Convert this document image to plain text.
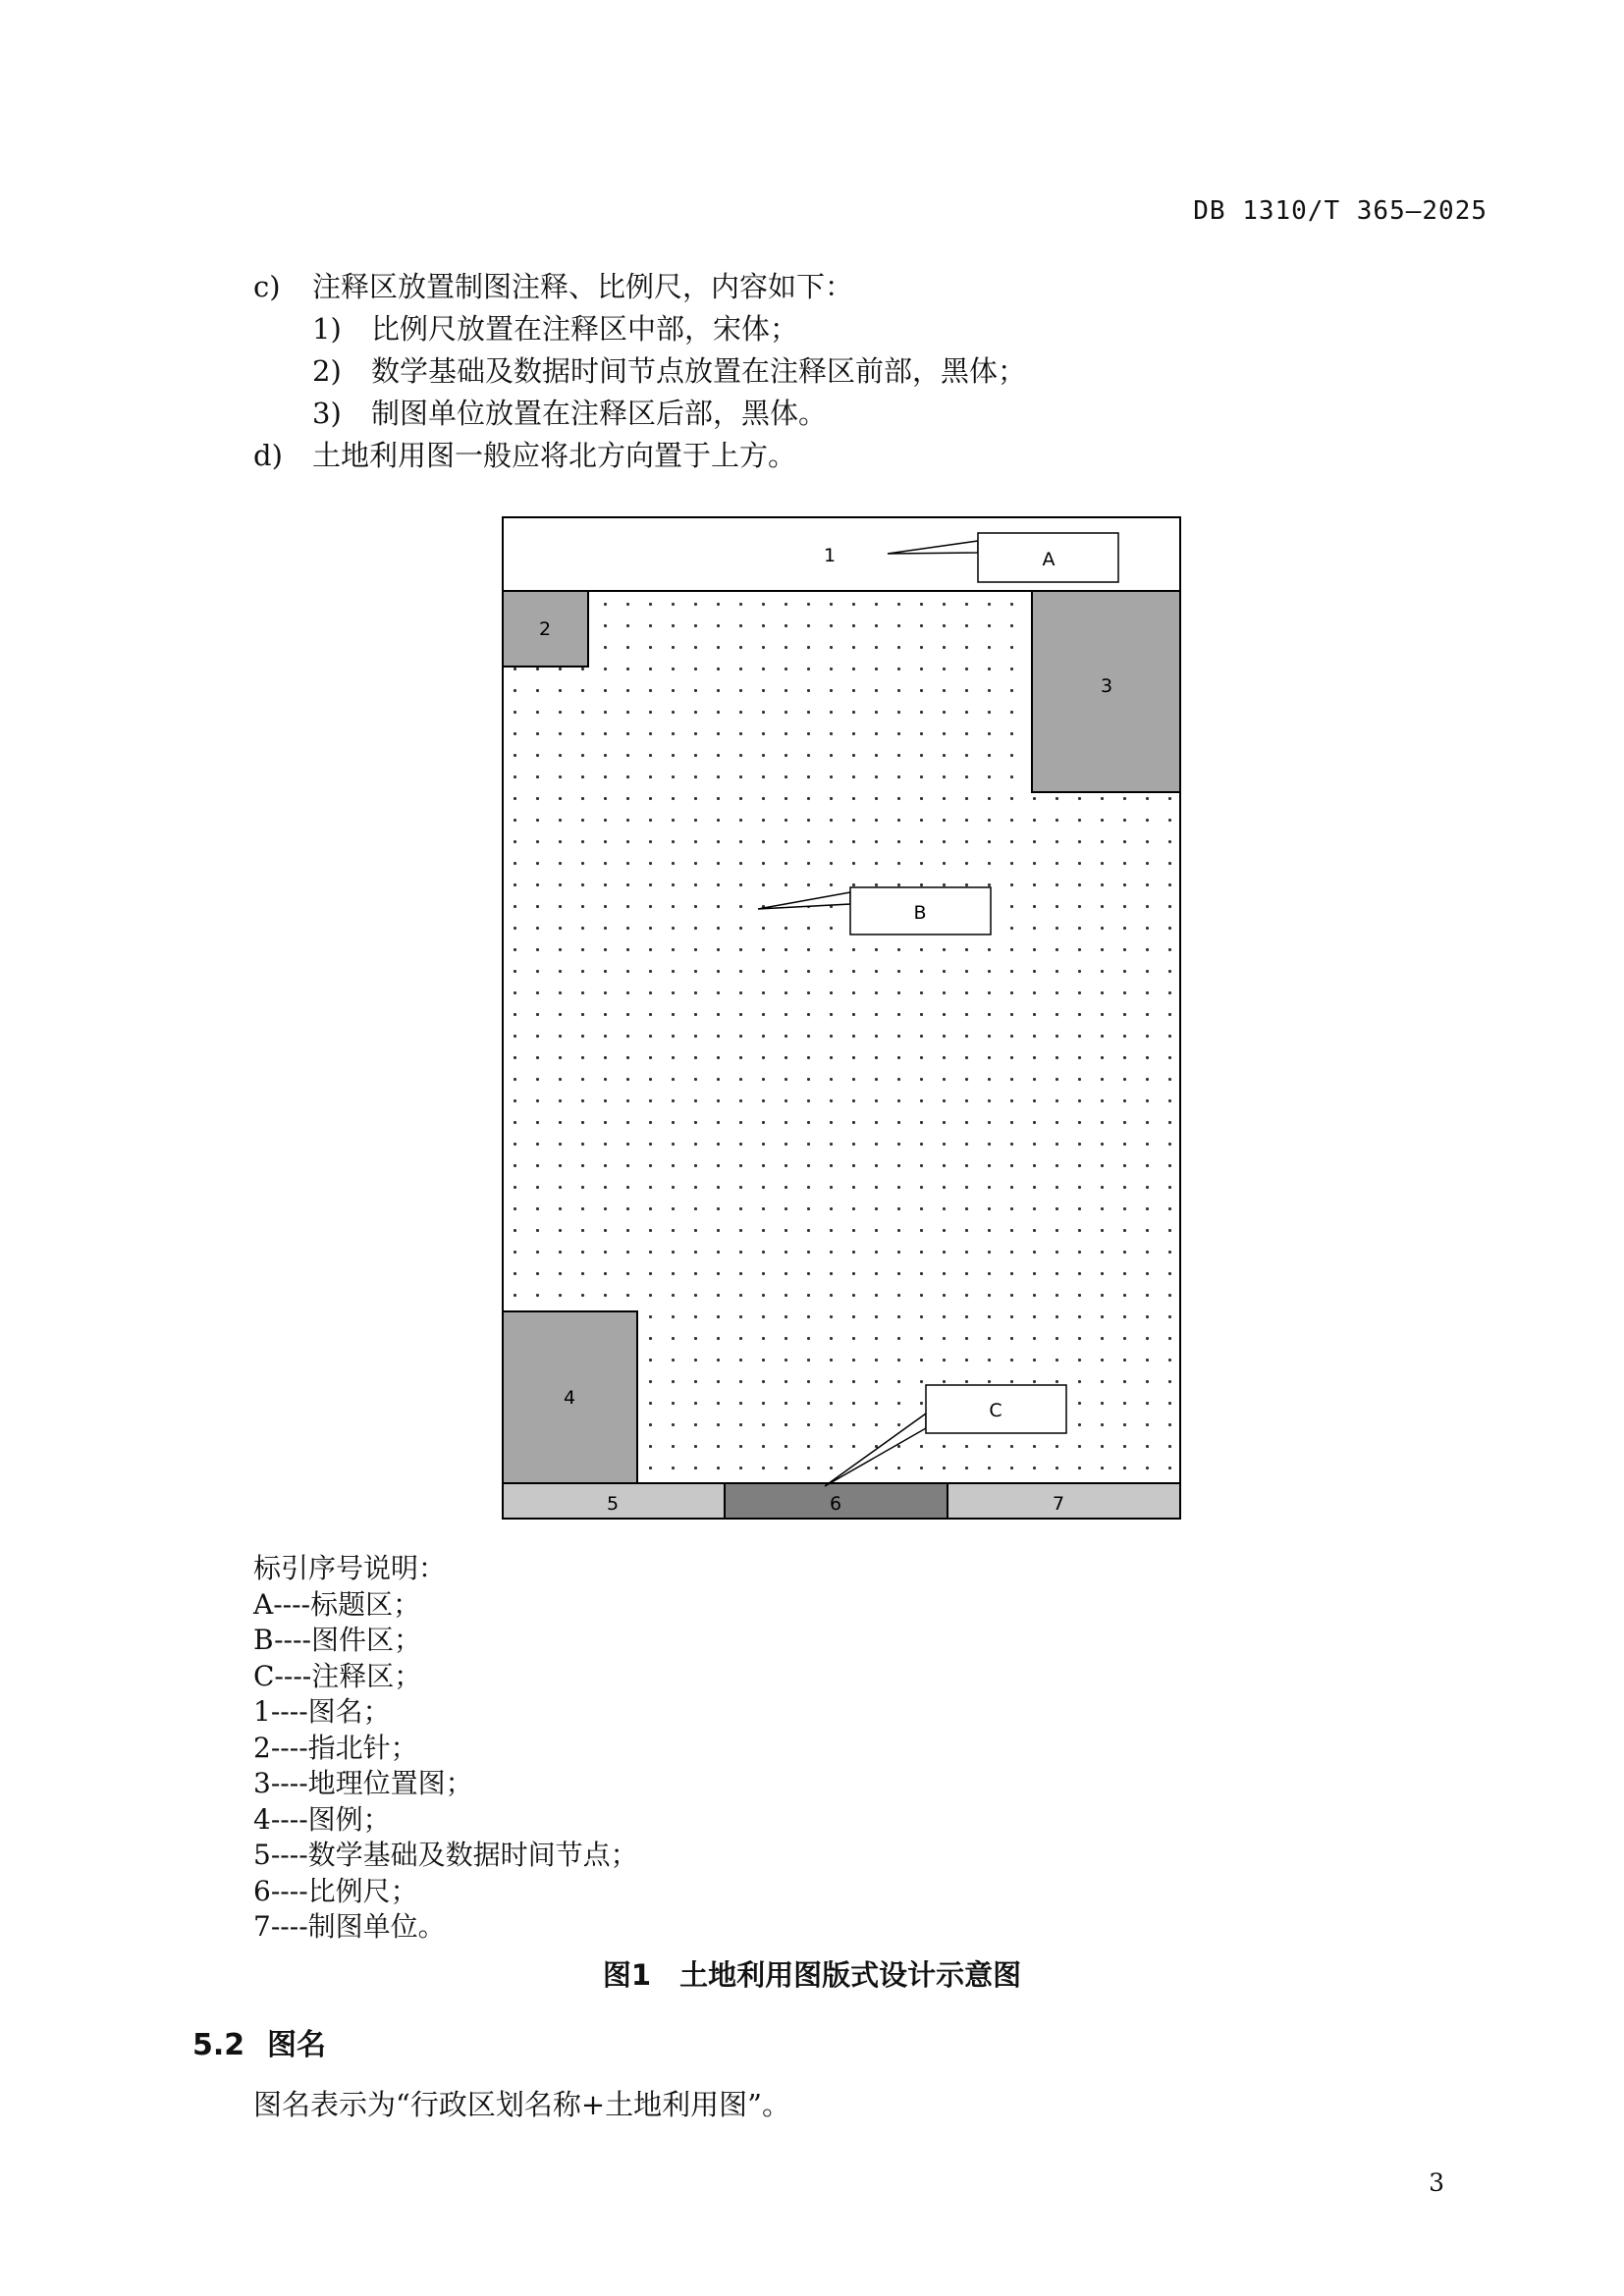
DB 1310/T 365—2025
c) 注释区放置制图注释、比例尺，内容如下：
1) 比例尺放置在注释区中部，宋体；
2) 数学基础及数据时间节点放置在注释区前部，黑体；
3) 制图单位放置在注释区后部，黑体。
d) 土地利用图一般应将北方向置于上方。
2
3
4
5	6	7
1	A
B
C
标引序号说明：
A----标题区；
B----图件区；
C----注释区；
1----图名；
2----指北针；
3----地理位置图；
4----图例；
5----数学基础及数据时间节点；
6----比例尺；
7----制图单位。
图1　土地利用图版式设计示意图
5.2 图名
图名表示为“行政区划名称+土地利用图”。
3
